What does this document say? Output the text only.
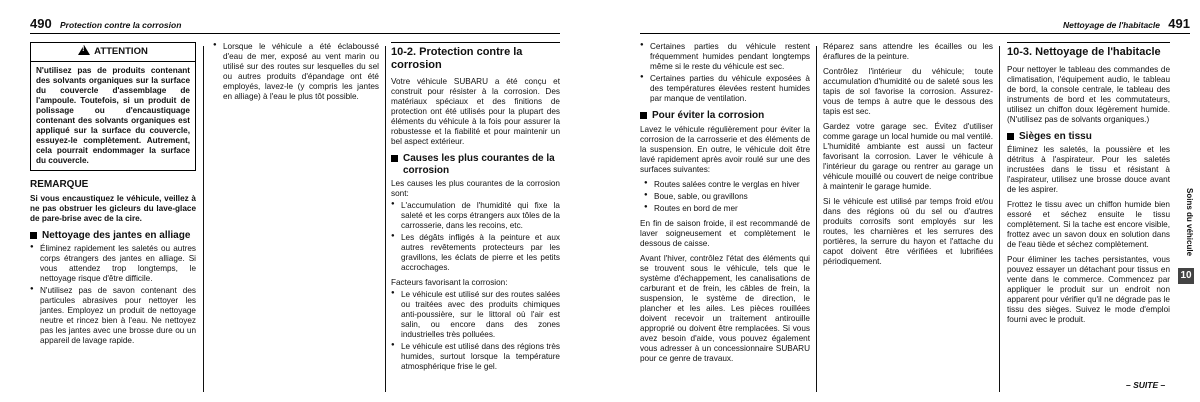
490 Protection contre la corrosion
!ATTENTION
N'utilisez pas de produits contenant des solvants organiques sur la surface du couvercle d'assemblage de l'ampoule. Toutefois, si un produit de polissage ou d'encaustiquage contenant des solvants organiques est appliqué sur la surface du couvercle, essuyez-le complètement. Autrement, cela pourrait endommager la surface du couvercle.
REMARQUE

Si vous encaustiquez le véhicule, veillez à ne pas obstruer les gicleurs du lave-glace de pare-brise avec de la cire.

Nettoyage des jantes en alliage
● Éliminez rapidement les saletés ou autres corps étrangers des jantes en alliage. Si vous attendez trop longtemps, le nettoyage risque d'être difficile.
● N'utilisez pas de savon contenant des particules abrasives pour nettoyer les jantes. Employez un produit de nettoyage neutre et rincez bien à l'eau. Ne nettoyez pas les jantes avec une brosse dure ou un appareil de lavage rapide.
● Lorsque le véhicule a été éclaboussé d'eau de mer, exposé au vent marin ou utilisé sur des routes sur lesquelles du sel ou autres produits d'épandage ont été employés, lavez-le (y compris les jantes en alliage) à l'eau le plus tôt possible.
10-2. Protection contre la corrosion

Votre véhicule SUBARU a été conçu et construit pour résister à la corrosion. Des matériaux spéciaux et des finitions de protection ont été utilisés pour la plupart des éléments du véhicule à la fois pour assurer la robustesse et la fiabilité et pour maintenir un bel aspect extérieur.

Causes les plus courantes de la corrosion

Les causes les plus courantes de la corrosion sont:

● L'accumulation de l'humidité qui fixe la saleté et les corps étrangers aux tôles de la carrosserie, dans les recoins, etc.
● Les dégâts infligés à la peinture et aux autres revêtements protecteurs par les gravillons, les éclats de pierre et les petits accrochages.

Facteurs favorisant la corrosion:

● Le véhicule est utilisé sur des routes salées ou traitées avec des produits chimiques anti-poussière, sur le littoral où l'air est salin, ou encore dans des zones industrielles très polluées.
● Le véhicule est utilisé dans des régions très humides, surtout lorsque la température atmosphérique frise le gel.
Nettoyage de l'habitacle 491
● Certaines parties du véhicule restent fréquemment humides pendant longtemps même si le reste du véhicule est sec.
● Certaines parties du véhicule exposées à des températures élevées restent humides par manque de ventilation.
Pour éviter la corrosion

Lavez le véhicule régulièrement pour éviter la corrosion de la carrosserie et des éléments de la suspension. En outre, le véhicule doit être lavé rapidement après avoir roulé sur une des surfaces suivantes:

● Routes salées contre le verglas en hiver
● Boue, sable, ou gravillons
● Routes en bord de mer

En fin de saison froide, il est recommandé de laver soigneusement et complètement le dessous de caisse.

Avant l'hiver, contrôlez l'état des éléments qui se trouvent sous le véhicule, tels que le système d'échappement, les canalisations de carburant et de frein, les câbles de frein, la suspension, le système de direction, le plancher et les ailes. Les pièces rouillées doivent recevoir un traitement antirouille approprié ou doivent être remplacées. Si vous avez besoin d'aide, vous pouvez également vous adresser à un concessionnaire SUBARU pour ce genre de travaux.

Réparez sans attendre les écailles ou les éraflures de la peinture.

Contrôlez l'intérieur du véhicule; toute accumulation d'humidité ou de saleté sous les tapis de sol favorise la corrosion. Assurez-vous de temps à autre que le dessous des tapis est sec.

Gardez votre garage sec. Évitez d'utiliser comme garage un local humide ou mal ventilé. L'humidité ambiante est aussi un facteur favorisant la corrosion. Laver le véhicule à l'intérieur du garage ou rentrer au garage un véhicule mouillé ou couvert de neige contribue à maintenir le garage humide.

Si le véhicule est utilisé par temps froid et/ou dans des régions où du sel ou d'autres produits corrosifs sont employés sur les routes, les charnières et les serrures des portières, la serrure du hayon et l'attache du capot doivent être vérifiées et lubrifiées périodiquement.

10-3. Nettoyage de l'habitacle

Pour nettoyer le tableau des commandes de climatisation, l'équipement audio, le tableau de bord, la console centrale, le tableau des instruments de bord et les commutateurs, utilisez un chiffon doux légèrement humide. (N'utilisez pas de solvants organiques.)

Sièges en tissu

Éliminez les saletés, la poussière et les détritus à l'aspirateur. Pour les saletés incrustées dans le tissu et résistant à l'aspirateur, utilisez une brosse douce avant de les aspirer.

Frottez le tissu avec un chiffon humide bien essoré et séchez ensuite le tissu complètement. Si la tache est encore visible, frottez avec un savon doux en solution dans de l'eau tiède et séchez complètement.

Pour éliminer les taches persistantes, vous pouvez essayer un détachant pour tissus en vente dans le commerce. Commencez par appliquer le produit sur un endroit non apparent pour vérifier qu'il ne dégrade pas le tissu des sièges. Suivez le mode d'emploi fourni avec le produit.

Soins du véhicule
10
– SUITE –
